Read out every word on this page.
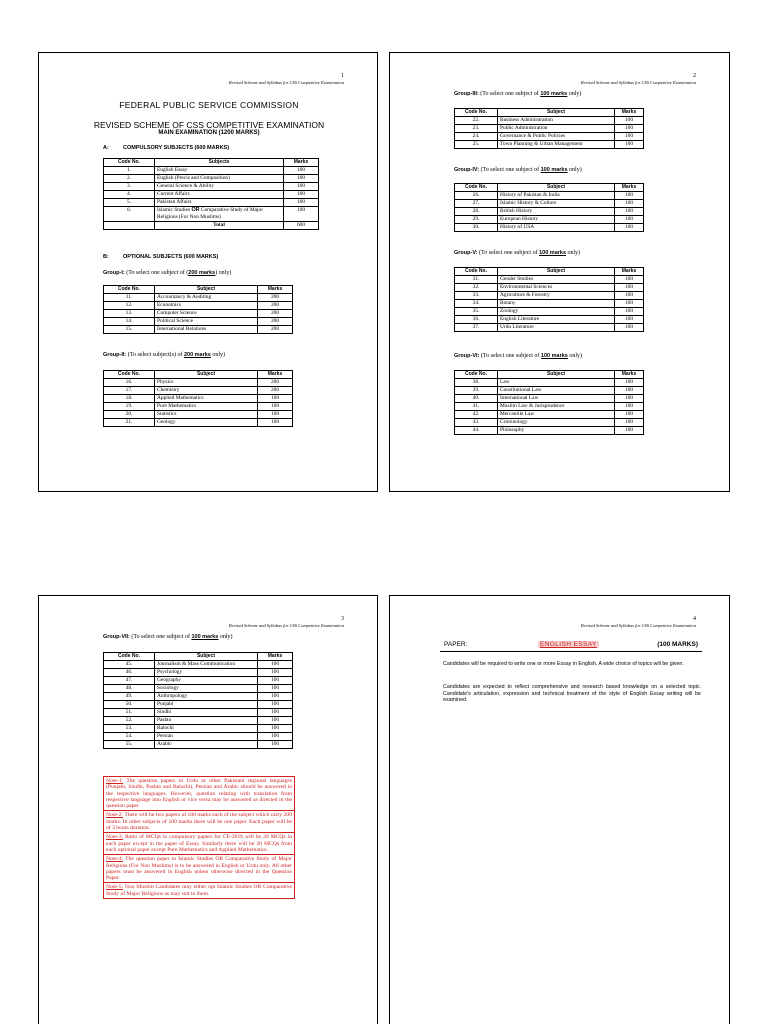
1
Revised Scheme and Syllabus for CSS Competitive Examination
FEDERAL PUBLIC SERVICE COMMISSION
REVISED SCHEME OF CSS COMPETITIVE EXAMINATION
MAIN EXAMINATION (1200 MARKS)
A:	COMPULSORY SUBJECTS (600 MARKS)
Code No.	Subjects	Marks
1.	English Essay	100
2.	English (Precis and Composition)	100
3.	General Science & Ability	100
4.	Current Affairs	100
5.	Pakistan Affairs	100
6.	Islamic Studies OR Comparative Study of Major Religions (For Non Muslims)	100
	Total	600
B:	OPTIONAL SUBJECTS (600 MARKS)
Group-I: (To select one subject of (200 marks) only)
Code No.	Subject	Marks
11.	Accountancy & Auditing	200
12.	Economics	200
13.	Computer Science	200
14.	Political Science	200
15.	International Relations	200
Group-II: (To select subject(s) of 200 marks only)
Code No.	Subject	Marks
16.	Physics	200
17.	Chemistry	200
18.	Applied Mathematics	100
19.	Pure Mathematics	100
20.	Statistics	100
21.	Geology	100
2
Revised Scheme and Syllabus for CSS Competitive Examination
Group-III: (To select one subject of 100 marks only)
Code No.	Subject	Marks
22.	Business Administration	100
23.	Public Administration	100
24.	Governance & Public Policies	100
25.	Town Planning & Urban Management	100
Group-IV: (To select one subject of 100 marks only)
Code No.	Subject	Marks
26.	History of Pakistan & India	100
27.	Islamic History & Culture	100
28.	British History	100
29.	European History	100
30.	History of USA	100
Group-V: (To select one subject of 100 marks only)
Code No.	Subject	Marks
31.	Gender Studies	100
32.	Environmental Sciences	100
33.	Agriculture & Forestry	100
34.	Botany	100
35.	Zoology	100
36.	English Literature	100
37.	Urdu Literature	100
Group-VI: (To select one subject of 100 marks only)
Code No.	Subject	Marks
38.	Law	100
39.	Constitutional Law	100
40.	International Law	100
41.	Muslim Law & Jurisprudence	100
42.	Mercantile Law	100
43.	Criminology	100
44.	Philosophy	100
3
Revised Scheme and Syllabus for CSS Competitive Examination
Group-VII: (To select one subject of 100 marks only)
Code No.	Subject	Marks
45.	Journalism & Mass Communication	100
46.	Psychology	100
47.	Geography	100
48.	Sociology	100
49.	Anthropology	100
50.	Punjabi	100
51.	Sindhi	100
52.	Pashto	100
53.	Balochi	100
54.	Persian	100
55.	Arabic	100
Note-1: The question papers in Urdu or other Pakistani regional languages (Punjabi, Sindhi, Pashto and Balochi), Persian and Arabic should be answered in the respective languages. However, question relating with translation from respective language into English or vice versa may be answered as directed in the question paper.
Note-2: There will be two papers of 100 marks each of the subject which carry 200 marks. In other subjects of 100 marks there will be one paper. Each paper will be of 3 hours duration.
Note-3: Ratio of MCQs in compulsory papers for CE-2016 will be 20 MCQs in each paper except in the paper of Essay. Similarly there will be 20 MCQs from each optional paper except Pure Mathematics and Applied Mathematics.
Note-4: The question paper in Islamic Studies OR Comparative Study of Major Religions (For Non Muslims) is to be answered in English or Urdu only. All other papers must be answered in English unless otherwise directed in the Question Paper.
Note-5: Non Muslim Candidates may either opt Islamic Studies OR Comparative Study of Major Religions as may suit to them.
4
Revised Scheme and Syllabus for CSS Competitive Examination
PAPER:	ENGLISH ESSAY	(100 MARKS)
Candidates will be required to write one or more Essay in English. A wide choice of topics will be given.
Candidates are expected to reflect comprehensive and research based knowledge on a selected topic. Candidate's articulation, expression and technical treatment of the style of English Essay writing will be examined.
